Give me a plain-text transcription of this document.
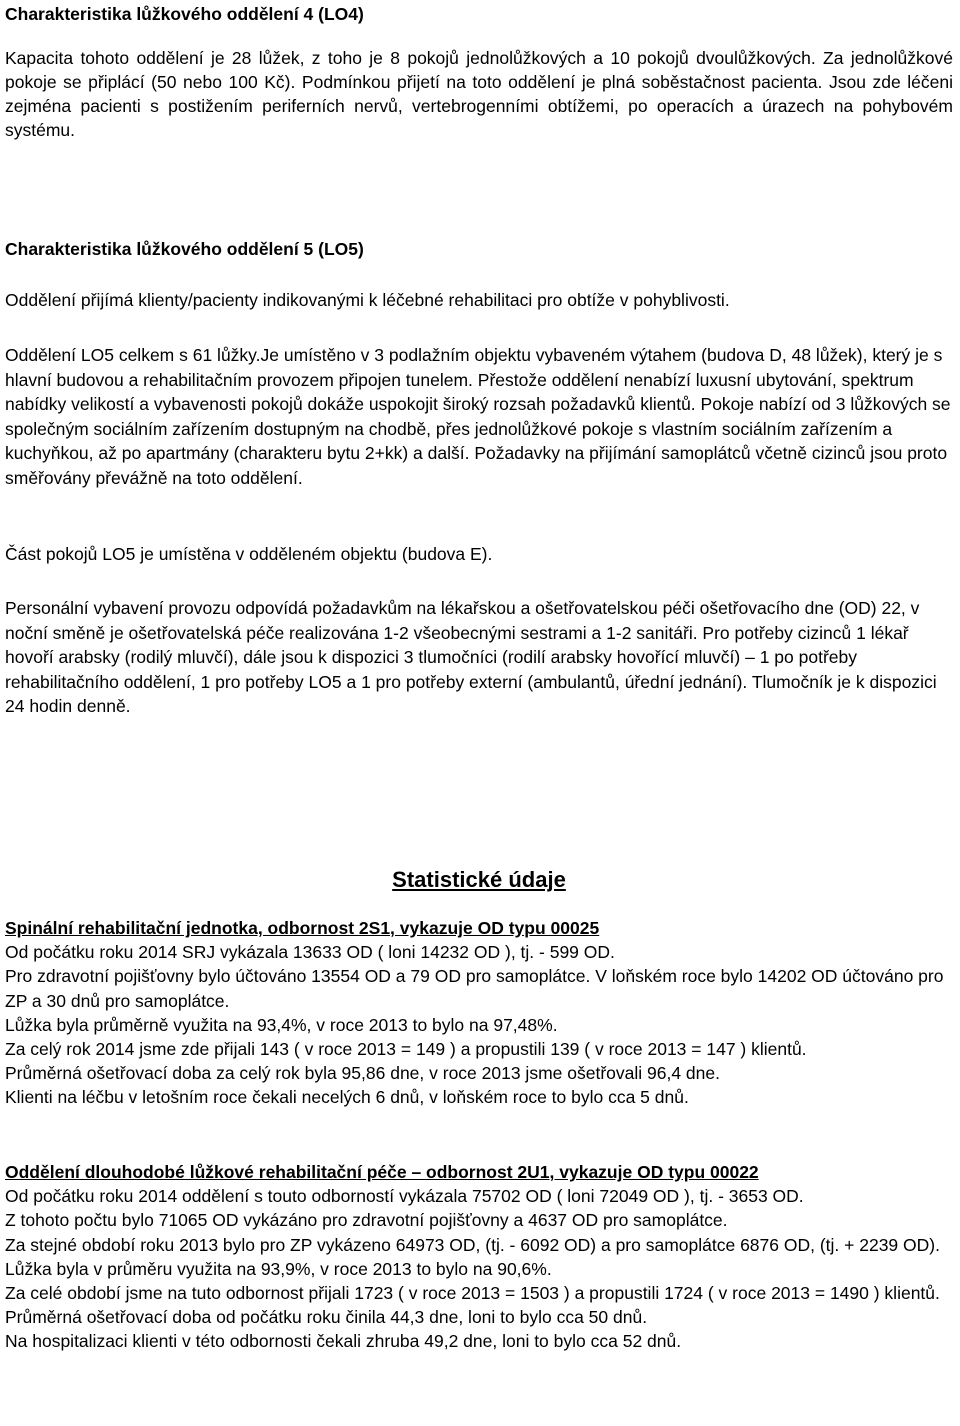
Charakteristika lůžkového oddělení 4 (LO4)

Kapacita tohoto oddělení je 28 lůžek, z toho je 8 pokojů jednolůžkových a 10 pokojů dvoulůžkových. Za jednolůžkové pokoje se připlácí (50 nebo 100 Kč). Podmínkou přijetí na toto oddělení je plná soběstačnost pacienta. Jsou zde léčeni zejména pacienti s postižením periferních nervů, vertebrogenními obtížemi, po operacích a úrazech na pohybovém systému.

Charakteristika lůžkového oddělení 5 (LO5)

Oddělení přijímá klienty/pacienty indikovanými k léčebné rehabilitaci pro obtíže v pohyblivosti.

Oddělení LO5 celkem s 61 lůžky.Je umístěno v 3 podlažním objektu vybaveném výtahem (budova D, 48 lůžek), který je s hlavní budovou a rehabilitačním provozem připojen tunelem. Přestože oddělení nenabízí luxusní ubytování, spektrum nabídky velikostí a vybavenosti pokojů dokáže uspokojit široký rozsah požadavků klientů. Pokoje nabízí od 3 lůžkových se společným sociálním zařízením dostupným na chodbě, přes jednolůžkové pokoje s vlastním sociálním zařízením a kuchyňkou, až po apartmány (charakteru bytu 2+kk) a další. Požadavky na přijímání samoplátců včetně cizinců jsou proto směřovány převážně na toto oddělení.

Část pokojů LO5 je umístěna v odděleném objektu (budova E).

Personální vybavení provozu odpovídá požadavkům na lékařskou a ošetřovatelskou péči ošetřovacího dne (OD) 22, v noční směně je ošetřovatelská péče realizována 1-2 všeobecnými sestrami a 1-2 sanitáři. Pro potřeby cizinců 1 lékař hovoří arabsky (rodilý mluvčí), dále jsou k dispozici 3 tlumočníci (rodilí arabsky hovořící mluvčí) – 1 po potřeby rehabilitačního oddělení, 1 pro potřeby LO5 a 1 pro potřeby externí (ambulantů, úřední jednání). Tlumočník je k dispozici 24 hodin denně.

Statistické údaje
Spinální rehabilitační jednotka, odbornost 2S1, vykazuje OD typu 00025

Od počátku roku 2014 SRJ vykázala 13633 OD ( loni 14232 OD ), tj. - 599 OD.

Pro zdravotní pojišťovny bylo účtováno 13554 OD a 79 OD pro samoplátce. V loňském roce bylo 14202 OD účtováno pro ZP a 30 dnů pro samoplátce.

Lůžka byla průměrně využita na 93,4%, v roce 2013 to bylo na 97,48%.

Za celý rok 2014 jsme zde přijali 143 ( v roce 2013 = 149 ) a propustili 139 ( v roce 2013 = 147 ) klientů.

Průměrná ošetřovací doba za celý rok byla 95,86 dne, v roce 2013 jsme ošetřovali 96,4 dne.

Klienti na léčbu v letošním roce čekali necelých 6 dnů, v loňském roce to bylo cca 5 dnů.

Oddělení dlouhodobé lůžkové rehabilitační péče – odbornost 2U1, vykazuje OD typu 00022

Od počátku roku 2014 oddělení s touto odborností vykázala 75702 OD ( loni 72049 OD ), tj. - 3653 OD.

Z tohoto počtu bylo 71065 OD vykázáno pro zdravotní pojišťovny a 4637 OD pro samoplátce.

Za stejné období roku 2013 bylo pro ZP vykázeno 64973 OD, (tj. - 6092 OD) a pro samoplátce 6876 OD, (tj. + 2239 OD).

Lůžka byla v průměru využita na 93,9%, v roce 2013 to bylo na 90,6%.

Za celé období jsme na tuto odbornost přijali 1723 ( v roce 2013 = 1503 ) a propustili 1724 ( v roce 2013 = 1490 ) klientů.

Průměrná ošetřovací doba od počátku roku činila 44,3 dne, loni to bylo cca 50 dnů.

Na hospitalizaci klienti v této odbornosti čekali zhruba 49,2 dne, loni to bylo cca 52 dnů.
